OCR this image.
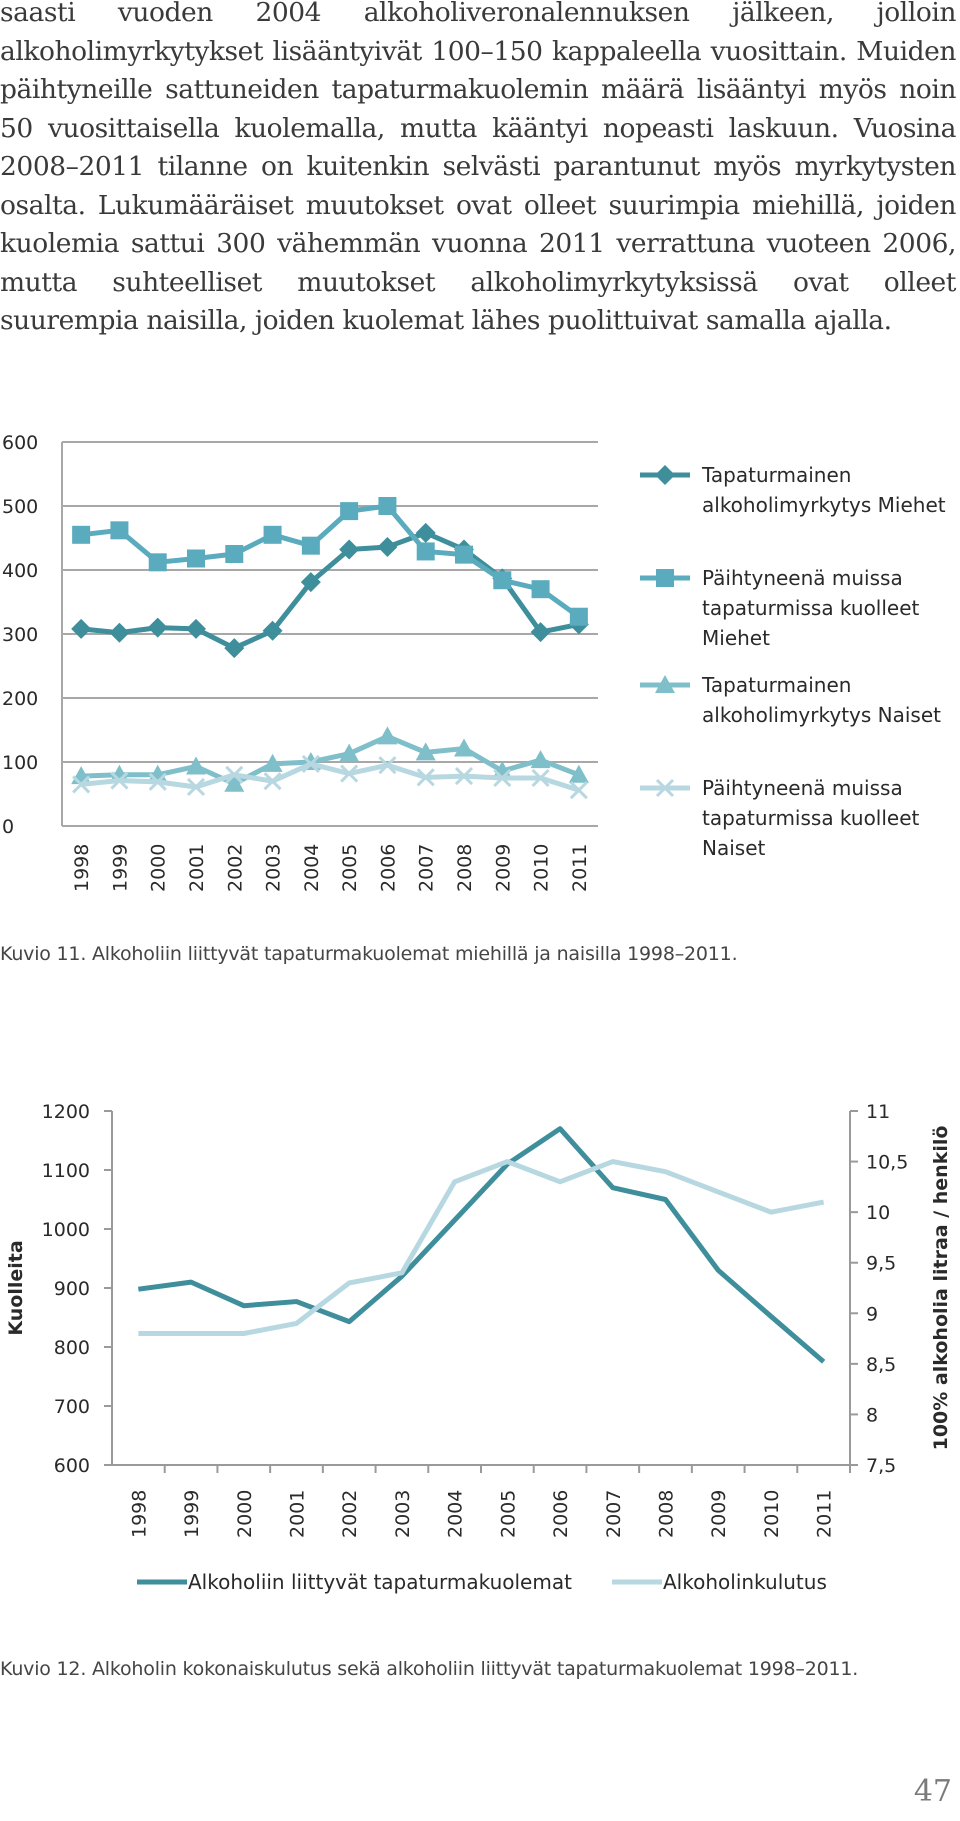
saasti vuoden 2004 alkoholiveronalennuksen jälkeen, jolloin alkoholimyrkytykset lisääntyivät 100–150 kappaleella vuosittain. Muiden päihtyneille sattuneiden tapaturmakuolemin määrä lisääntyi myös noin 50 vuosittaisella kuolemalla, mutta kääntyi nopeasti laskuun. Vuosina 2008–2011 tilanne on kuitenkin selvästi parantunut myös myrkytysten osalta. Lukumääräiset muutokset ovat olleet suurimpia miehillä, joiden kuolemia sattui 300 vähemmän vuonna 2011 verrattuna vuoteen 2006, mutta suhteelliset muutokset alkoholimyrkytyksissä ovat olleet suurempia naisilla, joiden kuolemat lähes puolittuivat samalla ajalla.

600
500
400
300
200
100
0
1998 1999 2000 2001 2002 2003 2004 2005 2006 2007 2008 2009 2010 2011
Tapaturmainen alkoholimyrkytys Miehet
Päihtyneenä muissa tapaturmissa kuolleet Miehet
Tapaturmainen alkoholimyrkytys Naiset
Päihtyneenä muissa tapaturmissa kuolleet Naiset
Kuvio 11. Alkoholiin liittyvät tapaturmakuolemat miehillä ja naisilla 1998–2011.
1200
1100
1000
900
800
700
600
11
10,5
10
9,5
9
8,5
8
7,5
1998 1999 2000 2001 2002 2003 2004 2005 2006 2007 2008 2009 2010 2011
Kuolleita	100% alkoholia litraa / henkilö
Alkoholiin liittyvät tapaturmakuolemat	Alkoholinkulutus
Kuvio 12. Alkoholin kokonaiskulutus sekä alkoholiin liittyvät tapaturmakuolemat 1998–2011.
47
